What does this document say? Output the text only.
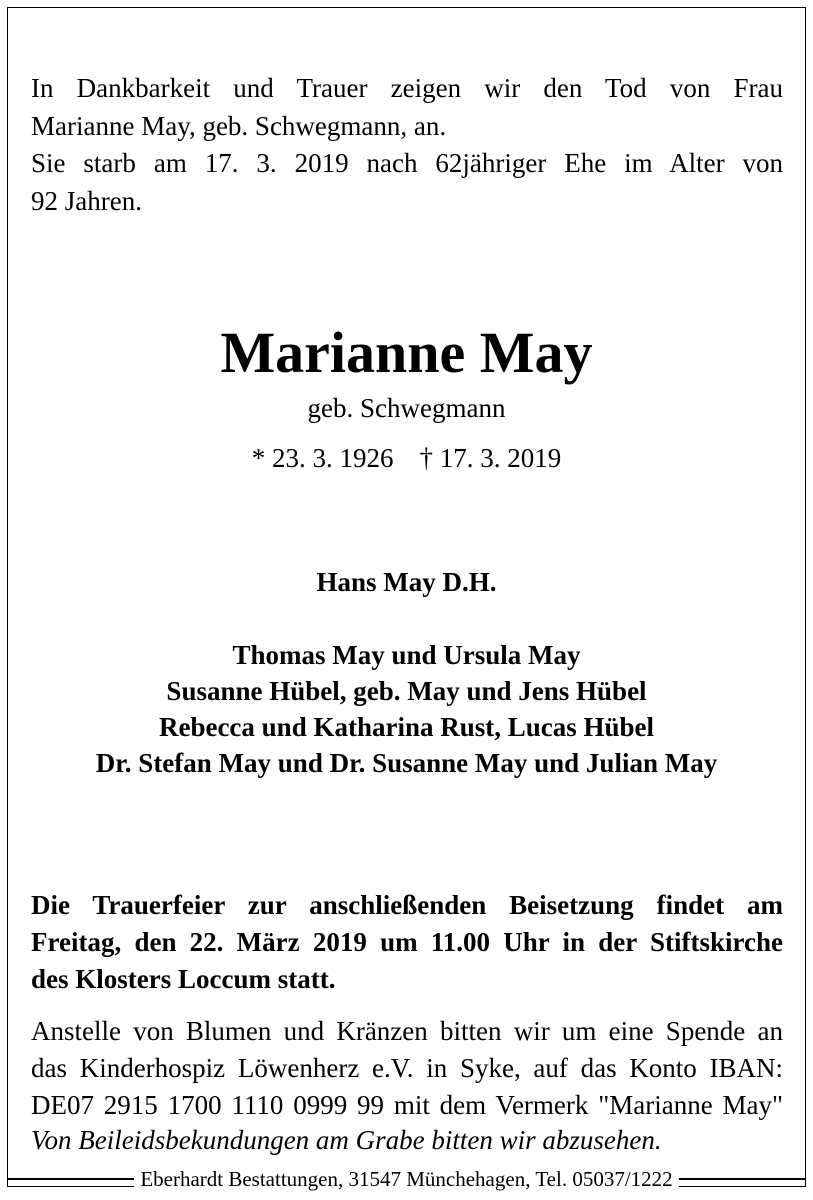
In Dankbarkeit und Trauer zeigen wir den Tod von Frau
Marianne May, geb. Schwegmann, an.
Sie starb am 17. 3. 2019 nach 62jähriger Ehe im Alter von
92 Jahren.

Marianne May
geb. Schwegmann
* 23. 3. 1926 † 17. 3. 2019
Hans May D.H.
Thomas May und Ursula May
Susanne Hübel, geb. May und Jens Hübel
Rebecca und Katharina Rust, Lucas Hübel
Dr. Stefan May und Dr. Susanne May und Julian May
Die Trauerfeier zur anschließenden Beisetzung findet am
Freitag, den 22. März 2019 um 11.00 Uhr in der Stiftskirche
des Klosters Loccum statt.
Anstelle von Blumen und Kränzen bitten wir um eine Spende an
das Kinderhospiz Löwenherz e.V. in Syke, auf das Konto IBAN:
DE07 2915 1700 1110 0999 99 mit dem Vermerk "Marianne May"
Von Beileidsbekundungen am Grabe bitten wir abzusehen.
Eberhardt Bestattungen, 31547 Münchehagen, Tel. 05037/1222
